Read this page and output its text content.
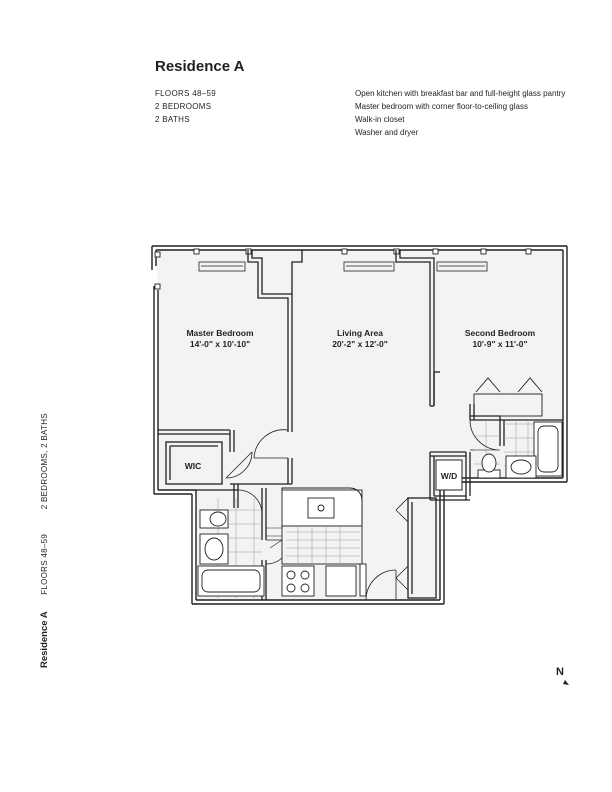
Residence A
FLOORS 48–59
2 BEDROOMS
2 BATHS
Open kitchen with breakfast bar and full-height glass pantry
Master bedroom with corner floor-to-ceiling glass
Walk-in closet
Washer and dryer
Residence A FLOORS 48–59 2 BEDROOMS, 2 BATHS
Master Bedroom
14'-0" x 10'-10"
Living Area
20'-2" x 12'-0"
Second Bedroom
10'-9" x 11'-0"
WIC
W/D
N
